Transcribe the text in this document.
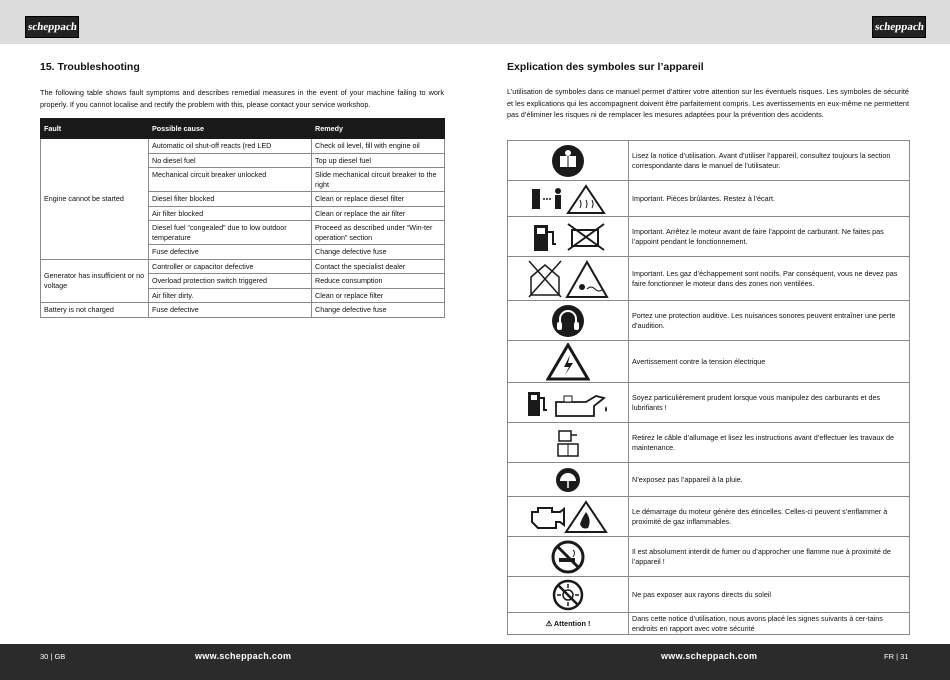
scheppach	scheppach
15. Troubleshooting
The following table shows fault symptoms and describes remedial measures in the event of your machine failing to work properly. If you cannot localise and rectify the problem with this, please contact your service workshop.
Fault	Possible cause	Remedy
Engine cannot be started	Automatic oil shut-off reacts (red LED	Check oil level, fill with engine oil
	No diesel fuel	Top up diesel fuel
	Mechanical circuit breaker unlocked	Slide mechanical circuit breaker to the right
	Diesel filter blocked	Clean or replace diesel filter
	Air filter blocked	Clean or replace the air filter
	Diesel fuel “congealed” due to low outdoor temperature	Proceed as described under “Win-ter operation” section
	Fuse defective	Change defective fuse
Generator has insufficient or no voltage	Controller or capacitor defective	Contact the specialist dealer
	Overload protection switch triggered	Reduce consumption
	Air filter dirty.	Clean or replace filter
Battery is not charged	Fuse defective	Change defective fuse
Explication des symboles sur l’appareil
L’utilisation de symboles dans ce manuel permet d’attirer votre attention sur les éventuels risques. Les symboles de sécurité et les explications qui les accompagnent doivent être parfaitement compris. Les avertissements en eux-même ne permettent pas d’éliminer les risques ni de remplacer les mesures adaptées pour la prévention des accidents.
	Lisez la notice d’utilisation. Avant d’utiliser l’appareil, consultez toujours la section correspondante dans le manuel de l’utilisateur.
	Important. Pièces brûlantes. Restez à l’écart.
	Important. Arrêtez le moteur avant de faire l’appoint de carburant. Ne faites pas l’appoint pendant le fonctionnement.
	Important. Les gaz d’échappement sont nocifs. Par conséquent, vous ne devez pas faire fonctionner le moteur dans des zones non ventilées.
	Portez une protection auditive. Les nuisances sonores peuvent entraîner une perte d’audition.
	Avertissement contre la tension électrique
	Soyez particulièrement prudent lorsque vous manipulez des carburants et des lubrifiants !
	Retirez le câble d’allumage et lisez les instructions avant d’effectuer les travaux de maintenance.
	N’exposez pas l’appareil à la pluie.
	Le démarrage du moteur génère des étincelles. Celles-ci peuvent s’enflammer à proximité de gaz inflammables.
	Il est absolument interdit de fumer ou d’approcher une flamme nue à proximité de l’appareil !
	Ne pas exposer aux rayons directs du soleil
⚠ Attention !	Dans cette notice d’utilisation, nous avons placé les signes suivants à cer-tains endroits en rapport avec votre sécurité
30 | GB	www.scheppach.com	www.scheppach.com	FR | 31
